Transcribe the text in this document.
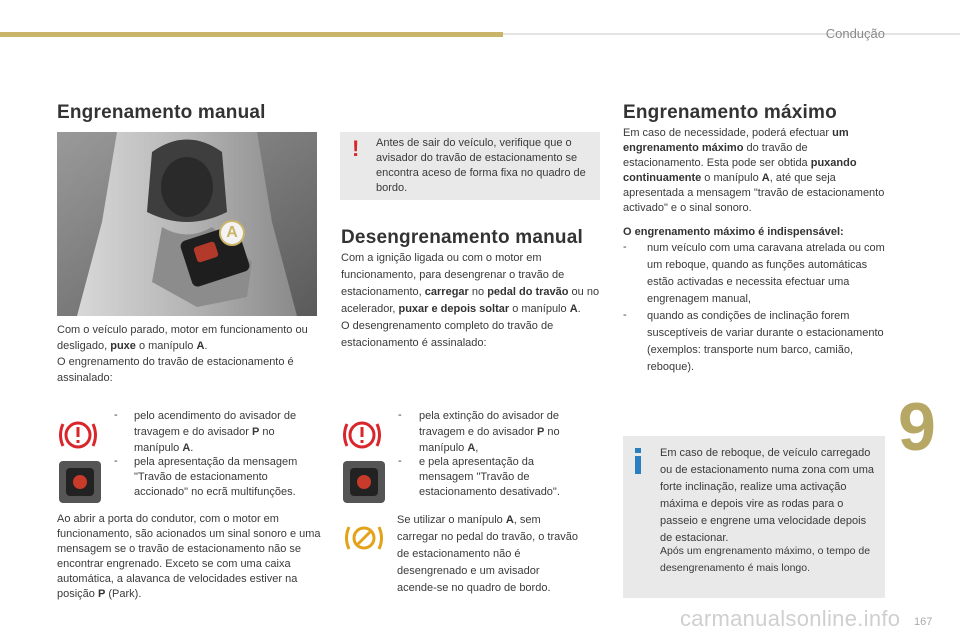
Condução
Engrenamento manual
A
Com o veículo parado, motor em funcionamento ou desligado, puxe o manípulo A.
O engrenamento do travão de estacionamento é assinalado:
- pelo acendimento do avisador de travagem e do avisador P no manípulo A.
- pela apresentação da mensagem "Travão de estacionamento accionado" no ecrã multifunções.
Ao abrir a porta do condutor, com o motor em funcionamento, são acionados um sinal sonoro e uma mensagem se o travão de estacionamento não se encontrar engrenado. Exceto se com uma caixa automática, a alavanca de velocidades estiver na posição P (Park).
! Antes de sair do veículo, verifique que o avisador do travão de estacionamento se encontra aceso de forma fixa no quadro de bordo.
Desengrenamento manual
Com a ignição ligada ou com o motor em funcionamento, para desengrenar o travão de estacionamento, carregar no pedal do travão ou no acelerador, puxar e depois soltar o manípulo A.
O desengrenamento completo do travão de estacionamento é assinalado:
- pela extinção do avisador de travagem e do avisador P no manípulo A,
- e pela apresentação da mensagem "Travão de estacionamento desativado".
Se utilizar o manípulo A, sem carregar no pedal do travão, o travão de estacionamento não é desengrenado e um avisador acende-se no quadro de bordo.
Engrenamento máximo
Em caso de necessidade, poderá efectuar um engrenamento máximo do travão de estacionamento. Esta pode ser obtida puxando continuamente o manípulo A, até que seja apresentada a mensagem "travão de estacionamento activado" e o sinal sonoro.
O engrenamento máximo é indispensável:
- num veículo com uma caravana atrelada ou com um reboque, quando as funções automáticas estão activadas e necessita efectuar uma engrenagem manual,
- quando as condições de inclinação forem susceptíveis de variar durante o estacionamento (exemplos: transporte num barco, camião, reboque).
Em caso de reboque, de veículo carregado ou de estacionamento numa zona com uma forte inclinação, realize uma activação máxima e depois vire as rodas para o passeio e engrene uma velocidade depois de estacionar.
Após um engrenamento máximo, o tempo de desengrenamento é mais longo.
9
carmanualsonline.info 167
